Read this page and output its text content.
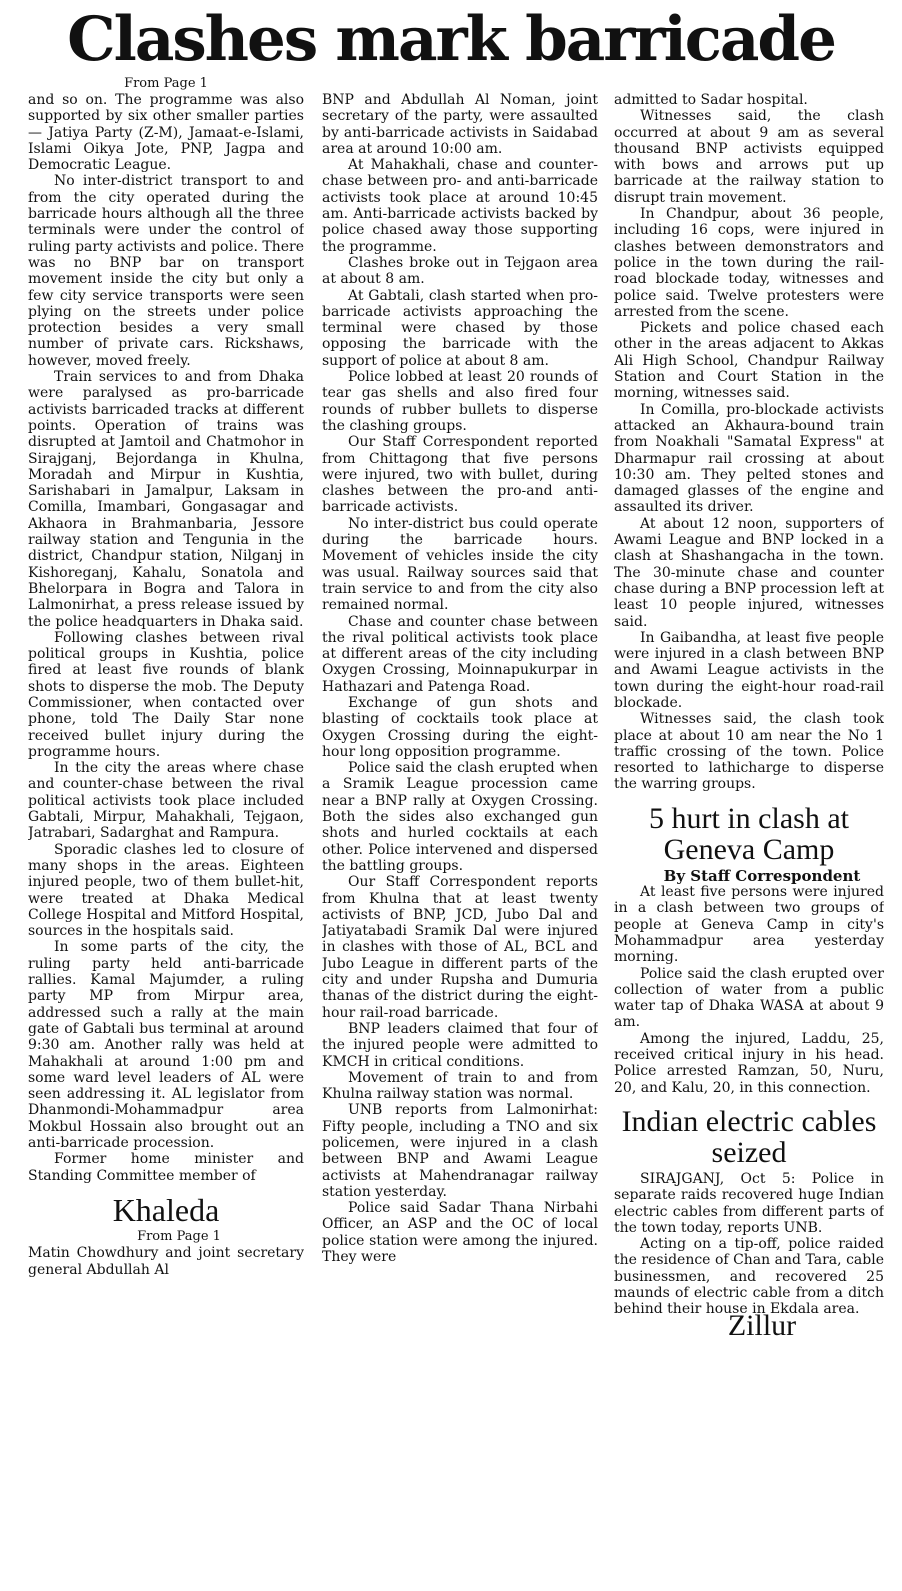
Clashes mark barricade

From Page 1

and so on. The programme was also supported by six other smaller parties — Jatiya Party (Z-M), Jamaat-e-Islami, Islami Oikya Jote, PNP, Jagpa and Democratic League.

No inter-district transport to and from the city operated during the barricade hours although all the three terminals were under the control of ruling party activists and police. There was no BNP bar on transport movement inside the city but only a few city service transports were seen plying on the streets under police protection besides a very small number of private cars. Rickshaws, however, moved freely.

Train services to and from Dhaka were paralysed as pro-barricade activists barricaded tracks at different points. Operation of trains was disrupted at Jamtoil and Chatmohor in Sirajganj, Bejordanga in Khulna, Moradah and Mirpur in Kushtia, Sarishabari in Jamalpur, Laksam in Comilla, Imambari, Gongasagar and Akhaora in Brahmanbaria, Jessore railway station and Tengunia in the district, Chandpur station, Nilganj in Kishoreganj, Kahalu, Sonatola and Bhelorpara in Bogra and Talora in Lalmonirhat, a press release issued by the police headquarters in Dhaka said.

Following clashes between rival political groups in Kushtia, police fired at least five rounds of blank shots to disperse the mob. The Deputy Commissioner, when contacted over phone, told The Daily Star none received bullet injury during the programme hours.

In the city the areas where chase and counter-chase between the rival political activists took place included Gabtali, Mirpur, Mahakhali, Tejgaon, Jatrabari, Sadarghat and Rampura.

Sporadic clashes led to closure of many shops in the areas. Eighteen injured people, two of them bullet-hit, were treated at Dhaka Medical College Hospital and Mitford Hospital, sources in the hospitals said.

In some parts of the city, the ruling party held anti-barricade rallies. Kamal Majumder, a ruling party MP from Mirpur area, addressed such a rally at the main gate of Gabtali bus terminal at around 9:30 am. Another rally was held at Mahakhali at around 1:00 pm and some ward level leaders of AL were seen addressing it. AL legislator from Dhanmondi-Mohammadpur area Mokbul Hossain also brought out an anti-barricade procession.

Former home minister and Standing Committee member of

Khaleda

From Page 1

Matin Chowdhury and joint secretary general Abdullah Al

BNP and Abdullah Al Noman, joint secretary of the party, were assaulted by anti-barricade activists in Saidabad area at around 10:00 am.

At Mahakhali, chase and counter-chase between pro- and anti-barricade activists took place at around 10:45 am. Anti-barricade activists backed by police chased away those supporting the programme.

Clashes broke out in Tejgaon area at about 8 am.

At Gabtali, clash started when pro-barricade activists approaching the terminal were chased by those opposing the barricade with the support of police at about 8 am.

Police lobbed at least 20 rounds of tear gas shells and also fired four rounds of rubber bullets to disperse the clashing groups.

Our Staff Correspondent reported from Chittagong that five persons were injured, two with bullet, during clashes between the pro-and anti-barricade activists.

No inter-district bus could operate during the barricade hours. Movement of vehicles inside the city was usual. Railway sources said that train service to and from the city also remained normal.

Chase and counter chase between the rival political activists took place at different areas of the city including Oxygen Crossing, Moinnapukurpar in Hathazari and Patenga Road.

Exchange of gun shots and blasting of cocktails took place at Oxygen Crossing during the eight-hour long opposition programme.

Police said the clash erupted when a Sramik League procession came near a BNP rally at Oxygen Crossing. Both the sides also exchanged gun shots and hurled cocktails at each other. Police intervened and dispersed the battling groups.

Our Staff Correspondent reports from Khulna that at least twenty activists of BNP, JCD, Jubo Dal and Jatiyatabadi Sramik Dal were injured in clashes with those of AL, BCL and Jubo League in different parts of the city and under Rupsha and Dumuria thanas of the district during the eight-hour rail-road barricade.

BNP leaders claimed that four of the injured people were admitted to KMCH in critical conditions.

Movement of train to and from Khulna railway station was normal.

UNB reports from Lalmonirhat: Fifty people, including a TNO and six policemen, were injured in a clash between BNP and Awami League activists at Mahendranagar railway station yesterday.

Police said Sadar Thana Nirbahi Officer, an ASP and the OC of local police station were among the injured. They were

admitted to Sadar hospital.

Witnesses said, the clash occurred at about 9 am as several thousand BNP activists equipped with bows and arrows put up barricade at the railway station to disrupt train movement.

In Chandpur, about 36 people, including 16 cops, were injured in clashes between demonstrators and police in the town during the rail-road blockade today, witnesses and police said. Twelve protesters were arrested from the scene.

Pickets and police chased each other in the areas adjacent to Akkas Ali High School, Chandpur Railway Station and Court Station in the morning, witnesses said.

In Comilla, pro-blockade activists attacked an Akhaura-bound train from Noakhali "Samatal Express" at Dharmapur rail crossing at about 10:30 am. They pelted stones and damaged glasses of the engine and assaulted its driver.

At about 12 noon, supporters of Awami League and BNP locked in a clash at Shashangacha in the town. The 30-minute chase and counter chase during a BNP procession left at least 10 people injured, witnesses said.

In Gaibandha, at least five people were injured in a clash between BNP and Awami League activists in the town during the eight-hour road-rail blockade.

Witnesses said, the clash took place at about 10 am near the No 1 traffic crossing of the town. Police resorted to lathicharge to disperse the warring groups.

5 hurt in clash at Geneva Camp

By Staff Correspondent

At least five persons were injured in a clash between two groups of people at Geneva Camp in city's Mohammadpur area yesterday morning.

Police said the clash erupted over collection of water from a public water tap of Dhaka WASA at about 9 am.

Among the injured, Laddu, 25, received critical injury in his head. Police arrested Ramzan, 50, Nuru, 20, and Kalu, 20, in this connection.

Indian electric cables seized

SIRAJGANJ, Oct 5: Police in separate raids recovered huge Indian electric cables from different parts of the town today, reports UNB.

Acting on a tip-off, police raided the residence of Chan and Tara, cable businessmen, and recovered 25 maunds of electric cable from a ditch behind their house in Ekdala area.

Zillur
